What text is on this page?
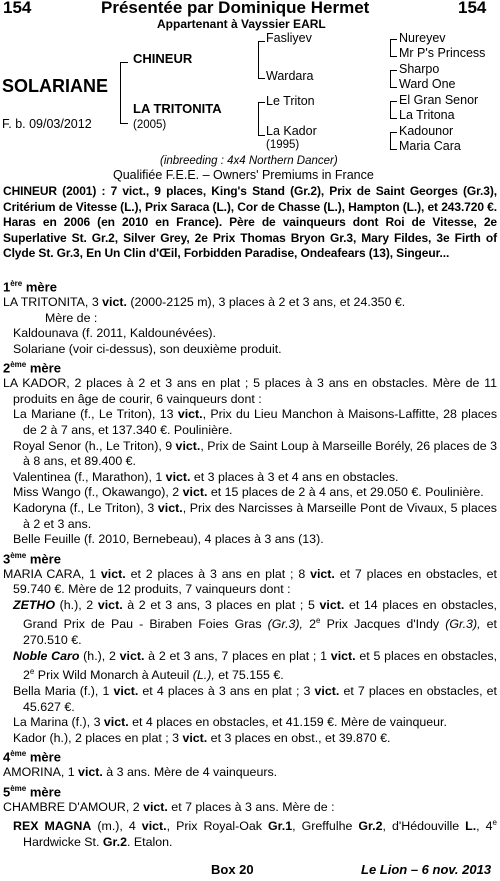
154	Présentée par Dominique Hermet	154
Appartenant à Vayssier EARL
SOLARIANE
F. b. 09/03/2012
CHINEUR
LA TRITONITA
(2005)
Fasliyev
Wardara
Le Triton
La Kador
(1995)
Nureyev
Mr P's Princess
Sharpo
Ward One
El Gran Senor
La Tritona
Kadounor
Maria Cara
(inbreeding : 4x4 Northern Dancer)
Qualifiée F.E.E. – Owners' Premiums in France
CHINEUR (2001) : 7 vict., 9 places, King's Stand (Gr.2), Prix de Saint Georges (Gr.3), Critérium de Vitesse (L.), Prix Saraca (L.), Cor de Chasse (L.), Hampton (L.), et 243.720 €. Haras en 2006 (en 2010 en France). Père de vainqueurs dont Roi de Vitesse, 2e Superlative St. Gr.2, Silver Grey, 2e Prix Thomas Bryon Gr.3, Mary Fildes, 3e Firth of Clyde St. Gr.3, En Un Clin d'Œil, Forbidden Paradise, Ondeafears (13), Singeur...
1ère mère

LA TRITONITA, 3 vict. (2000-2125 m), 3 places à 2 et 3 ans, et 24.350 €.

Mère de :

Kaldounava (f. 2011, Kaldounévées).

Solariane (voir ci-dessus), son deuxième produit.

2ème mère

LA KADOR, 2 places à 2 et 3 ans en plat ; 5 places à 3 ans en obstacles. Mère de 11 produits en âge de courir, 6 vainqueurs dont :

La Mariane (f., Le Triton), 13 vict., Prix du Lieu Manchon à Maisons-Laffitte, 28 places de 2 à 7 ans, et 137.340 €. Poulinière.

Royal Senor (h., Le Triton), 9 vict., Prix de Saint Loup à Marseille Borély, 26 places de 3 à 8 ans, et 89.400 €.

Valentinea (f., Marathon), 1 vict. et 3 places à 3 et 4 ans en obstacles.

Miss Wango (f., Okawango), 2 vict. et 15 places de 2 à 4 ans, et 29.050 €. Poulinière.

Kadoryna (f., Le Triton), 3 vict., Prix des Narcisses à Marseille Pont de Vivaux, 5 places à 2 et 3 ans.

Belle Feuille (f. 2010, Bernebeau), 4 places à 3 ans (13).

3ème mère

MARIA CARA, 1 vict. et 2 places à 3 ans en plat ; 8 vict. et 7 places en obstacles, et 59.740 €. Mère de 12 produits, 7 vainqueurs dont :

ZETHO (h.), 2 vict. à 2 et 3 ans, 3 places en plat ; 5 vict. et 14 places en obstacles, Grand Prix de Pau - Biraben Foies Gras (Gr.3), 2e Prix Jacques d'Indy (Gr.3), et 270.510 €.

Noble Caro (h.), 2 vict. à 2 et 3 ans, 7 places en plat ; 1 vict. et 5 places en obstacles, 2e Prix Wild Monarch à Auteuil (L.), et 75.155 €.

Bella Maria (f.), 1 vict. et 4 places à 3 ans en plat ; 3 vict. et 7 places en obstacles, et 45.627 €.

La Marina (f.), 3 vict. et 4 places en obstacles, et 41.159 €. Mère de vainqueur.

Kador (h.), 2 places en plat ; 3 vict. et 3 places en obst., et 39.870 €.

4ème mère

AMORINA, 1 vict. à 3 ans. Mère de 4 vainqueurs.

5ème mère

CHAMBRE D'AMOUR, 2 vict. et 7 places à 3 ans. Mère de :

REX MAGNA (m.), 4 vict., Prix Royal-Oak Gr.1, Greffulhe Gr.2, d'Hédouville L., 4e Hardwicke St. Gr.2. Etalon.

Box 20	Le Lion – 6 nov. 2013
